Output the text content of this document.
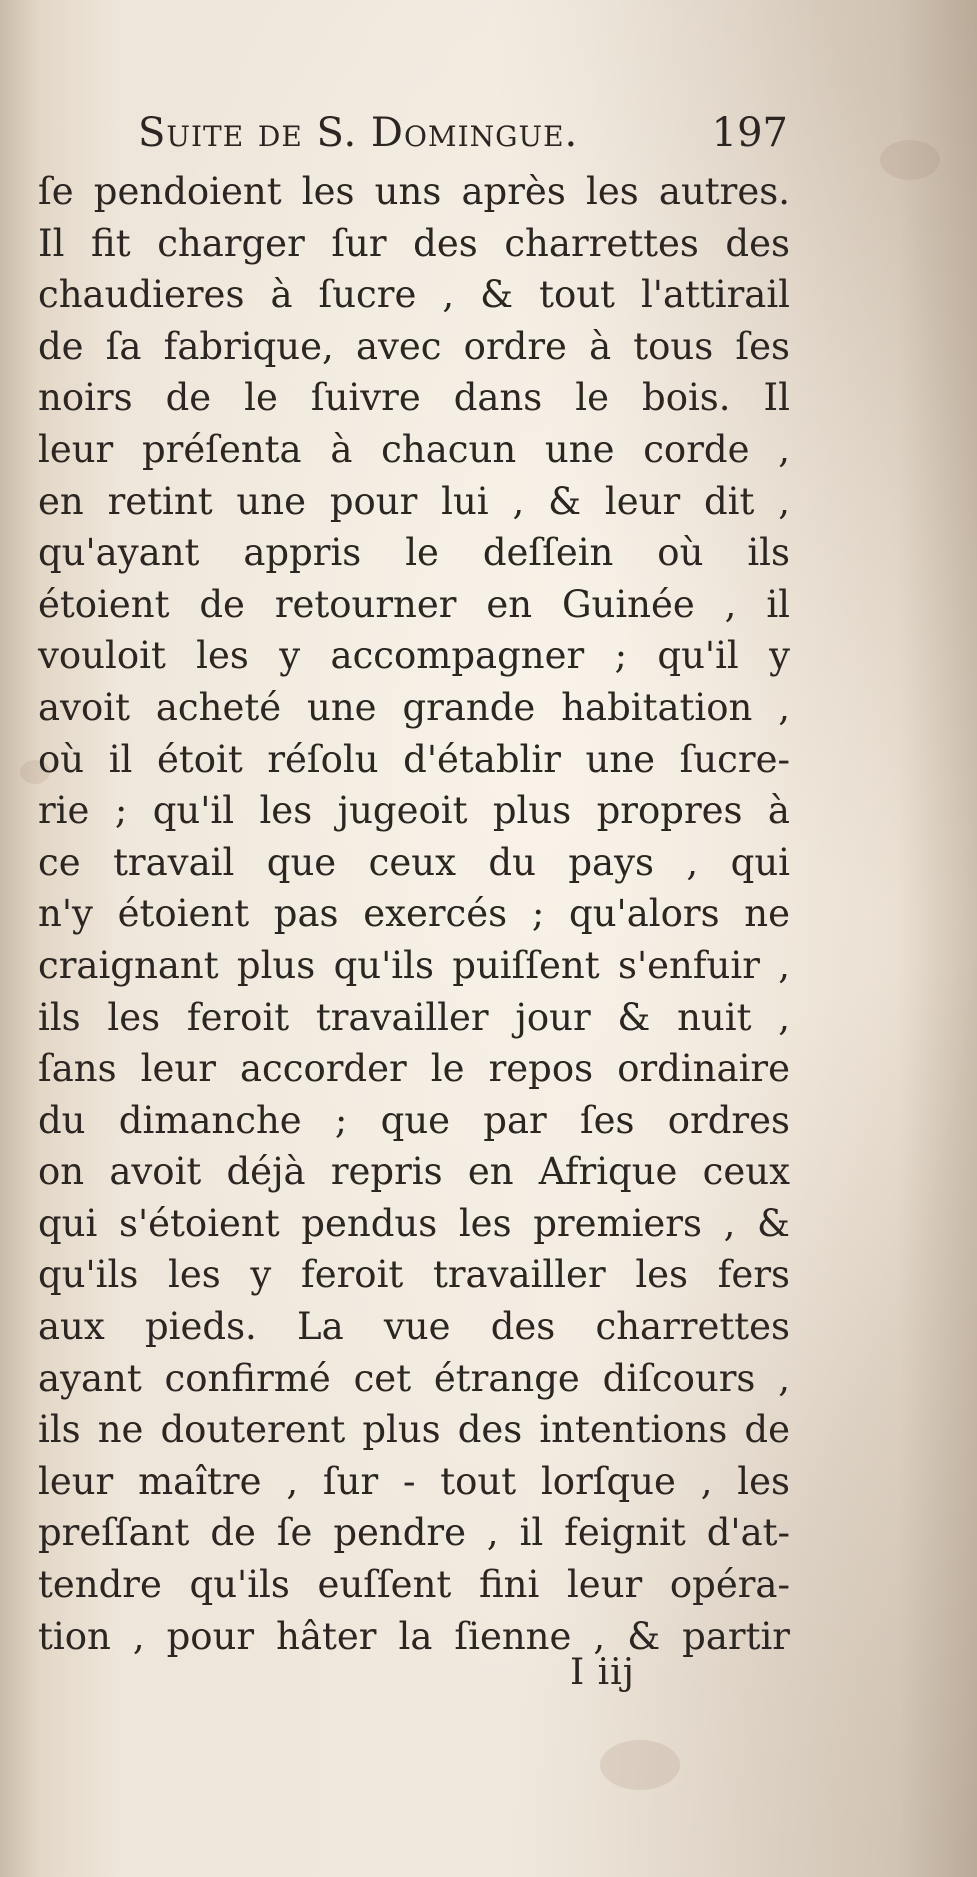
Suite de S. Domingue.	197
ſe pendoient les uns après les autres.
Il fit charger ſur des charrettes des
chaudieres à ſucre , & tout l'attirail
de ſa fabrique, avec ordre à tous ſes
noirs de le ſuivre dans le bois. Il
leur préſenta à chacun une corde ,
en retint une pour lui , & leur dit ,
qu'ayant appris le deſſein où ils
étoient de retourner en Guinée , il
vouloit les y accompagner ; qu'il y
avoit acheté une grande habitation ,
où il étoit réſolu d'établir une ſucre-
rie ; qu'il les jugeoit plus propres à
ce travail que ceux du pays , qui
n'y étoient pas exercés ; qu'alors ne
craignant plus qu'ils puiſſent s'enfuir ,
ils les feroit travailler jour & nuit ,
ſans leur accorder le repos ordinaire
du dimanche ; que par ſes ordres
on avoit déjà repris en Afrique ceux
qui s'étoient pendus les premiers , &
qu'ils les y feroit travailler les fers
aux pieds. La vue des charrettes
ayant confirmé cet étrange diſcours ,
ils ne douterent plus des intentions de
leur maître , ſur - tout lorſque , les
preſſant de ſe pendre , il feignit d'at-
tendre qu'ils euſſent fini leur opéra-
tion , pour hâter la ſienne , & partir
I iij
